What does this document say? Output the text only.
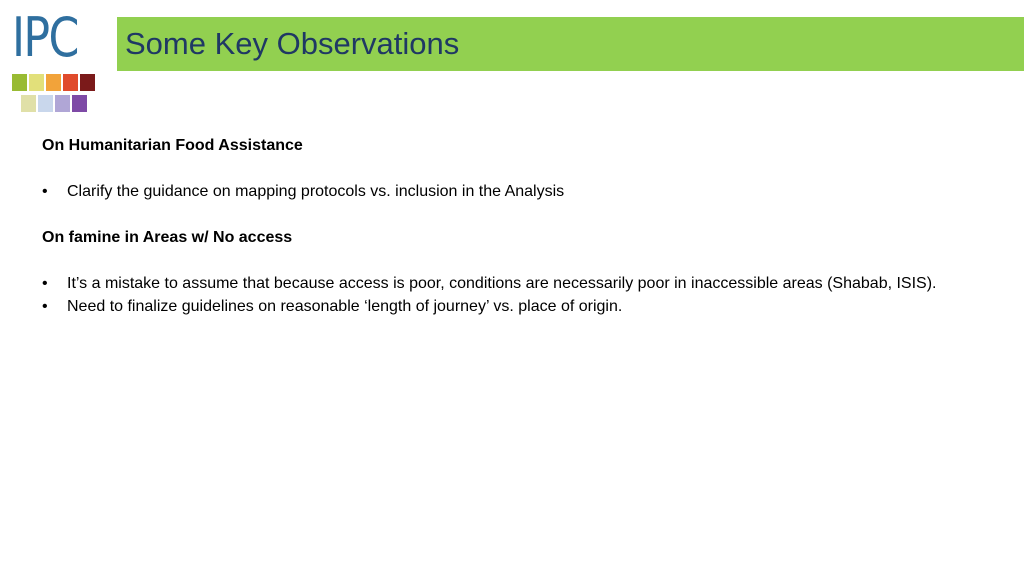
IPC Some Key Observations

On Humanitarian Food Assistance

• Clarify the guidance on mapping protocols vs. inclusion in the Analysis

On famine in Areas w/ No access

• It’s a mistake to assume that because access is poor, conditions are necessarily poor in inaccessible areas (Shabab, ISIS).

• Need to finalize guidelines on reasonable ‘length of journey’ vs. place of origin.
